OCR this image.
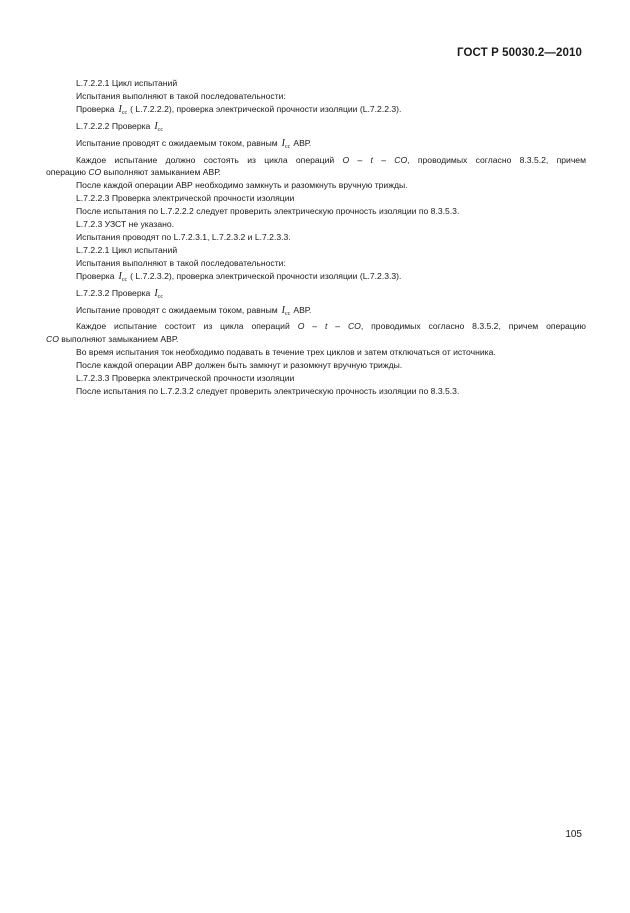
ГОСТ Р 50030.2—2010
L.7.2.2.1 Цикл испытаний
Испытания выполняют в такой последовательности:
Проверка $I_{cc}$ ( L.7.2.2.2), проверка электрической прочности изоляции (L.7.2.2.3).
L.7.2.2.2 Проверка $I_{cc}$
Испытание проводят с ожидаемым током, равным $I_{cc}$ АВР.
Каждое испытание должно состоять из цикла операций O – t – CO, проводимых согласно 8.3.5.2, причем
операцию CO выполняют замыканием АВР.
После каждой операции АВР необходимо замкнуть и разомкнуть вручную трижды.
L.7.2.2.3 Проверка электрической прочности изоляции
После испытания по L.7.2.2.2 следует проверить электрическую прочность изоляции по 8.3.5.3.
L.7.2.3 УЗСТ не указано.
Испытания проводят по L.7.2.3.1, L.7.2.3.2 и L.7.2.3.3.
L.7.2.2.1 Цикл испытаний
Испытания выполняют в такой последовательности:
Проверка $I_{cc}$ ( L.7.2.3.2), проверка электрической прочности изоляции (L.7.2.3.3).
L.7.2.3.2 Проверка $I_{cc}$
Испытание проводят с ожидаемым током, равным $I_{cc}$ АВР.
Каждое испытание состоит из цикла операций O – t – CO, проводимых согласно 8.3.5.2, причем операцию
CO выполняют замыканием АВР.
Во время испытания ток необходимо подавать в течение трех циклов и затем отключаться от источника.
После каждой операции АВР должен быть замкнут и разомкнут вручную трижды.
L.7.2.3.3 Проверка электрической прочности изоляции
После испытания по L.7.2.3.2 следует проверить электрическую прочность изоляции по 8.3.5.3.
105
